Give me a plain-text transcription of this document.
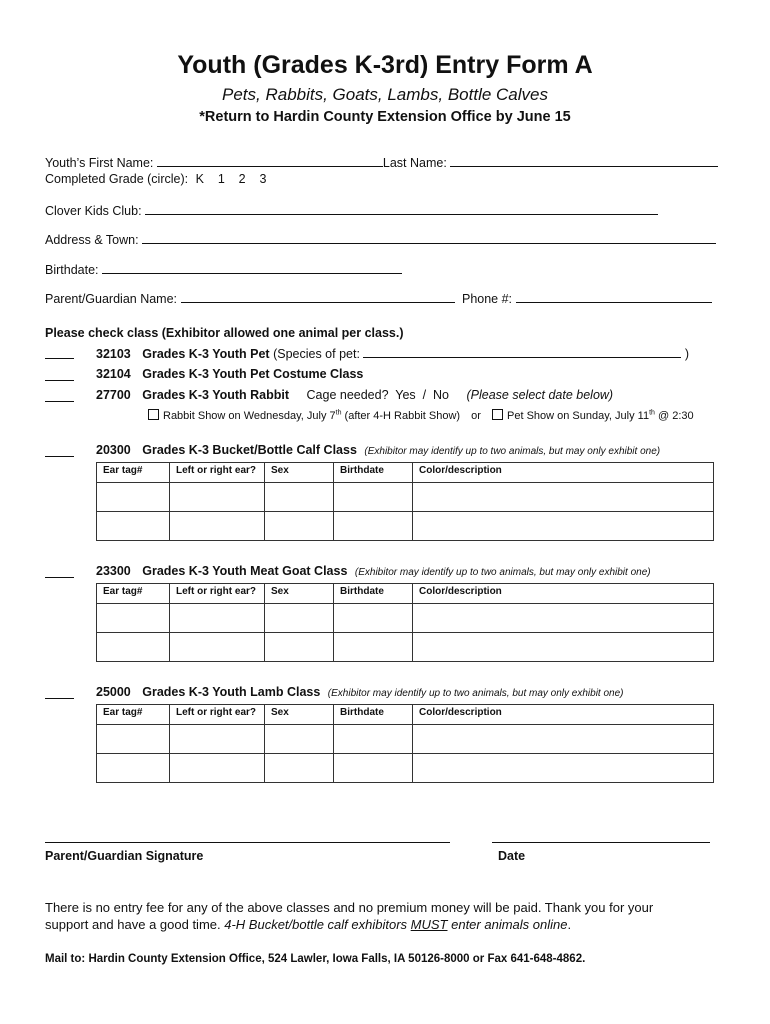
Youth (Grades K-3rd) Entry Form A
Pets, Rabbits, Goats, Lambs, Bottle Calves
*Return to Hardin County Extension Office by June 15
Youth’s First Name:	Last Name:
Completed Grade (circle): K    1    2    3
Clover Kids Club:
Address & Town:
Birthdate:
Parent/Guardian Name:	Phone #:
Please check class (Exhibitor allowed one animal per class.)
32103 Grades K-3 Youth Pet (Species of pet:	)
32104 Grades K-3 Youth Pet Costume Class
27700 Grades K-3 Youth Rabbit Cage needed?  Yes  /  No (Please select date below)
Rabbit Show on Wednesday, July 7th (after 4-H Rabbit Show) or Pet Show on Sunday, July 11th @ 2:30
20300 Grades K-3 Bucket/Bottle Calf Class (Exhibitor may identify up to two animals, but may only exhibit one)
Ear tag#	Left or right ear?	Sex	Birthdate	Color/description

23300 Grades K-3 Youth Meat Goat Class (Exhibitor may identify up to two animals, but may only exhibit one)
Ear tag#	Left or right ear?	Sex	Birthdate	Color/description

25000 Grades K-3 Youth Lamb Class (Exhibitor may identify up to two animals, but may only exhibit one)
Ear tag#	Left or right ear?	Sex	Birthdate	Color/description

Parent/Guardian Signature	Date
There is no entry fee for any of the above classes and no premium money will be paid. Thank you for your
support and have a good time. 4-H Bucket/bottle calf exhibitors MUST enter animals online.
Mail to: Hardin County Extension Office, 524 Lawler, Iowa Falls, IA 50126-8000 or Fax 641-648-4862.
